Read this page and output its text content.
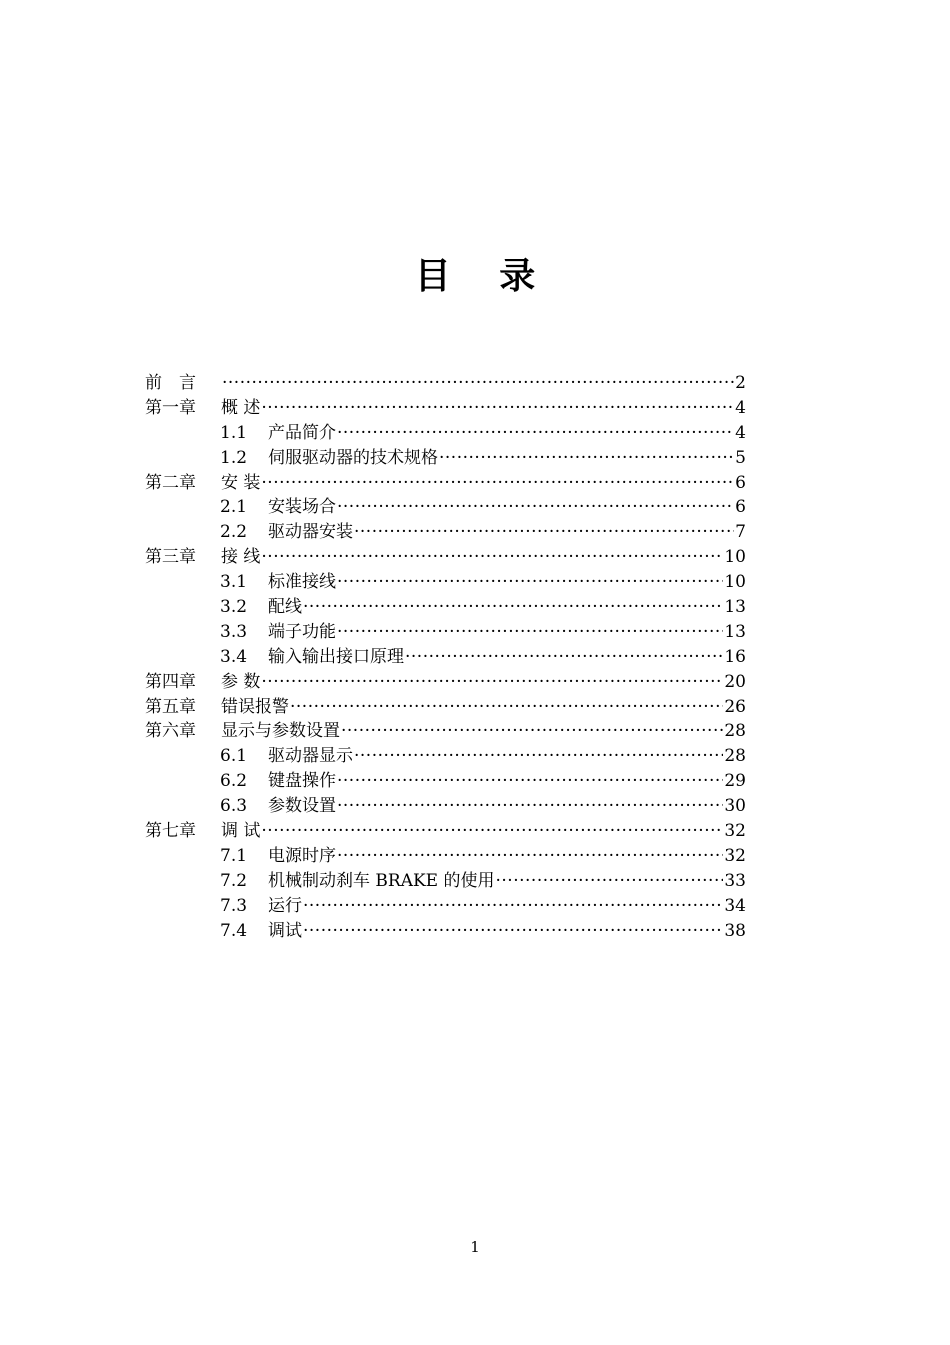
目 录
前　言 ·····	2
第一章 概 述 ·····	4
1.1 产品简介 ·····	4
1.2 伺服驱动器的技术规格 ·····	5
第二章 安 装 ·····	6
2.1 安装场合 ·····	6
2.2 驱动器安装 ·····	7
第三章 接 线 ·····	10
3.1 标准接线 ·····	10
3.2 配线 ·····	13
3.3 端子功能 ·····	13
3.4 输入输出接口原理 ·····	16
第四章 参 数 ·····	20
第五章 错误报警 ·····	26
第六章 显示与参数设置 ·····	28
6.1 驱动器显示 ·····	28
6.2 键盘操作 ·····	29
6.3 参数设置 ·····	30
第七章 调 试 ·····	32
7.1 电源时序 ·····	32
7.2 机械制动刹车 BRAKE 的使用 ·····	33
7.3 运行 ·····	34
7.4 调试 ·····	38
1
